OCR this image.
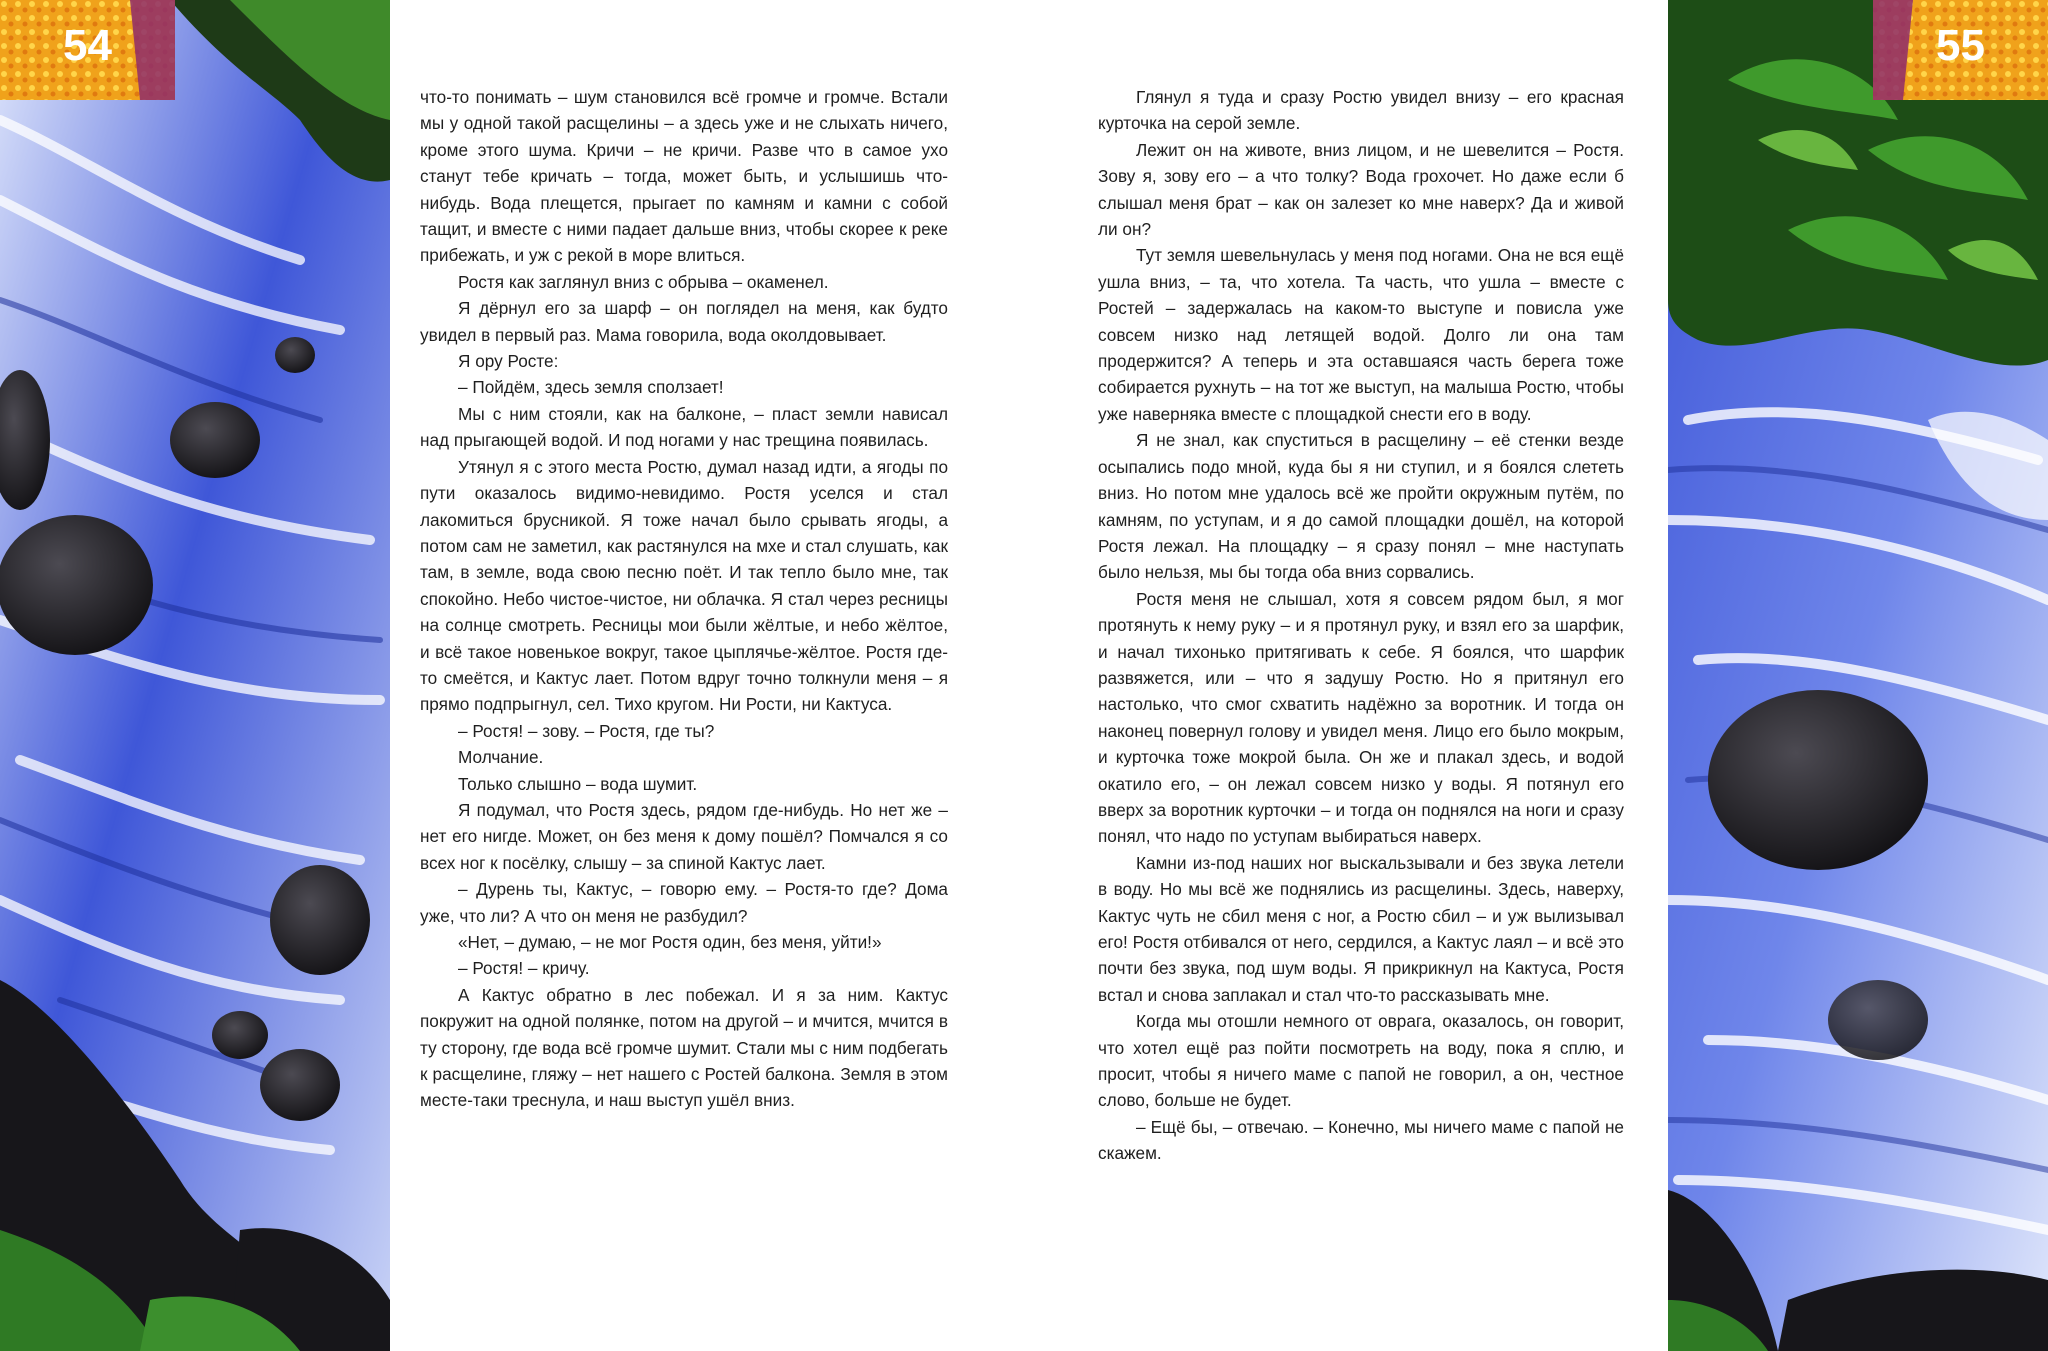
54	55

что-то понимать – шум становился всё громче и громче. Встали мы у одной такой расщелины – а здесь уже и не слыхать ничего, кроме этого шума. Кричи – не кричи. Разве что в самое ухо станут тебе кричать – тогда, может быть, и услышишь что-нибудь. Вода плещется, прыгает по камням и камни с собой тащит, и вместе с ними падает дальше вниз, чтобы скорее к реке прибежать, и уж с рекой в море влиться.

Ростя как заглянул вниз с обрыва – окаменел.

Я дёрнул его за шарф – он поглядел на меня, как будто увидел в первый раз. Мама говорила, вода околдовывает.

Я ору Росте:

– Пойдём, здесь земля сползает!

Мы с ним стояли, как на балконе, – пласт земли нависал над прыгающей водой. И под ногами у нас трещина появилась.

Утянул я с этого места Ростю, думал назад идти, а ягоды по пути оказалось видимо-невидимо. Ростя уселся и стал лакомиться брусникой. Я тоже начал было срывать ягоды, а потом сам не заметил, как растянулся на мхе и стал слушать, как там, в земле, вода свою песню поёт. И так тепло было мне, так спокойно. Небо чистое-чистое, ни облачка. Я стал через ресницы на солнце смотреть. Ресницы мои были жёлтые, и небо жёлтое, и всё такое новенькое вокруг, такое цыплячье-жёлтое. Ростя где-то смеётся, и Кактус лает. Потом вдруг точно толкнули меня – я прямо подпрыгнул, сел. Тихо кругом. Ни Рости, ни Кактуса.

– Ростя! – зову. – Ростя, где ты?

Молчание.

Только слышно – вода шумит.

Я подумал, что Ростя здесь, рядом где-нибудь. Но нет же – нет его нигде. Может, он без меня к дому пошёл? Помчался я со всех ног к посёлку, слышу – за спиной Кактус лает.

– Дурень ты, Кактус, – говорю ему. – Ростя-то где? Дома уже, что ли? А что он меня не разбудил?

«Нет, – думаю, – не мог Ростя один, без меня, уйти!»

– Ростя! – кричу.

А Кактус обратно в лес побежал. И я за ним. Кактус покружит на одной полянке, потом на другой – и мчится, мчится в ту сторону, где вода всё громче шумит. Стали мы с ним подбегать к расщелине, гляжу – нет нашего с Ростей балкона. Земля в этом месте-таки треснула, и наш выступ ушёл вниз.

Глянул я туда и сразу Ростю увидел внизу – его красная курточка на серой земле.

Лежит он на животе, вниз лицом, и не шевелится – Ростя. Зову я, зову его – а что толку? Вода грохочет. Но даже если б слышал меня брат – как он залезет ко мне наверх? Да и живой ли он?

Тут земля шевельнулась у меня под ногами. Она не вся ещё ушла вниз, – та, что хотела. Та часть, что ушла – вместе с Ростей – задержалась на каком-то выступе и повисла уже совсем низко над летящей водой. Долго ли она там продержится? А теперь и эта оставшаяся часть берега тоже собирается рухнуть – на тот же выступ, на малыша Ростю, чтобы уже наверняка вместе с площадкой снести его в воду.

Я не знал, как спуститься в расщелину – её стенки везде осыпались подо мной, куда бы я ни ступил, и я боялся слететь вниз. Но потом мне удалось всё же пройти окружным путём, по камням, по уступам, и я до самой площадки дошёл, на которой Ростя лежал. На площадку – я сразу понял – мне наступать было нельзя, мы бы тогда оба вниз сорвались.

Ростя меня не слышал, хотя я совсем рядом был, я мог протянуть к нему руку – и я протянул руку, и взял его за шарфик, и начал тихонько притягивать к себе. Я боялся, что шарфик развяжется, или – что я задушу Ростю. Но я притянул его настолько, что смог схватить надёжно за воротник. И тогда он наконец повернул голову и увидел меня. Лицо его было мокрым, и курточка тоже мокрой была. Он же и плакал здесь, и водой окатило его, – он лежал совсем низко у воды. Я потянул его вверх за воротник курточки – и тогда он поднялся на ноги и сразу понял, что надо по уступам выбираться наверх.

Камни из-под наших ног выскальзывали и без звука летели в воду. Но мы всё же поднялись из расщелины. Здесь, наверху, Кактус чуть не сбил меня с ног, а Ростю сбил – и уж вылизывал его! Ростя отбивался от него, сердился, а Кактус лаял – и всё это почти без звука, под шум воды. Я прикрикнул на Кактуса, Ростя встал и снова заплакал и стал что-то рассказывать мне.

Когда мы отошли немного от оврага, оказалось, он говорит, что хотел ещё раз пойти посмотреть на воду, пока я сплю, и просит, чтобы я ничего маме с папой не говорил, а он, честное слово, больше не будет.

– Ещё бы, – отвечаю. – Конечно, мы ничего маме с папой не скажем.
